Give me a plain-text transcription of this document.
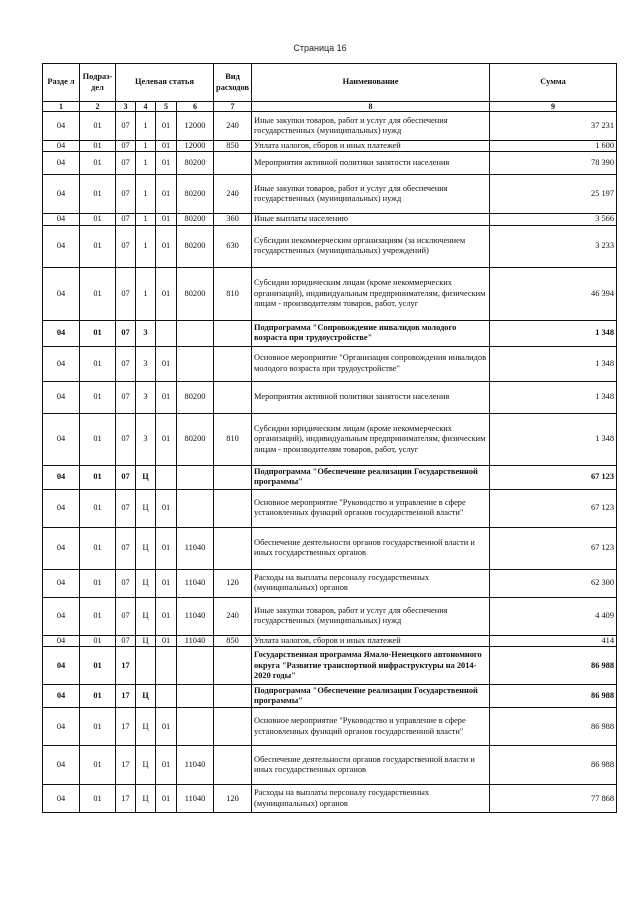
Страница 16
Разде л	Подраз- дел	Целевая статья				Вид расходов	Наименование	Сумма
1	2	3	4	5	6	7	8	9
04	01	07	1	01	12000	240	Иные закупки товаров, работ и услуг для обеспечения государственных (муниципальных) нужд	37 231
04	01	07	1	01	12000	850	Уплата налогов, сборов и иных платежей	1 600
04	01	07	1	01	80200		Мероприятия активной политики занятости населения	78 390
04	01	07	1	01	80200	240	Иные закупки товаров, работ и услуг для обеспечения государственных (муниципальных) нужд	25 197
04	01	07	1	01	80200	360	Иные выплаты населению	3 566
04	01	07	1	01	80200	630	Субсидии некоммерческим организациям (за исключением государственных (муниципальных) учреждений)	3 233
04	01	07	1	01	80200	810	Субсидии юридическим лицам (кроме некоммерческих организаций), индивидуальным предпринимателям, физическим лицам - производителям товаров, работ, услуг	46 394
04	01	07	3				Подпрограмма "Сопровождение инвалидов молодого возраста при трудоустройстве"	1 348
04	01	07	3	01			Основное мероприятие "Организация сопровождения инвалидов молодого возраста при трудоустройстве"	1 348
04	01	07	3	01	80200		Мероприятия активной политики занятости населения	1 348
04	01	07	3	01	80200	810	Субсидии юридическим лицам (кроме некоммерческих организаций), индивидуальным предпринимателям, физическим лицам - производителям товаров, работ, услуг	1 348
04	01	07	Ц				Подпрограмма "Обеспечение реализации Государственной программы"	67 123
04	01	07	Ц	01			Основное мероприятие "Руководство и управление в сфере установленных функций органов государственной власти"	67 123
04	01	07	Ц	01	11040		Обеспечение деятельности органов государственной власти и иных государственных органов	67 123
04	01	07	Ц	01	11040	120	Расходы на выплаты персоналу государственных (муниципальных) органов	62 300
04	01	07	Ц	01	11040	240	Иные закупки товаров, работ и услуг для обеспечения государственных (муниципальных) нужд	4 409
04	01	07	Ц	01	11040	850	Уплата налогов, сборов и иных платежей	414
04	01	17					Государственная программа Ямало-Ненецкого автономного округа "Развитие транспортной инфраструктуры на 2014-2020 годы"	86 988
04	01	17	Ц				Подпрограмма "Обеспечение реализации Государственной программы"	86 988
04	01	17	Ц	01			Основное мероприятие "Руководство и управление в сфере установленных функций органов государственной власти"	86 988
04	01	17	Ц	01	11040		Обеспечение деятельности органов государственной власти и иных государственных органов	86 988
04	01	17	Ц	01	11040	120	Расходы на выплаты персоналу государственных (муниципальных) органов	77 868
